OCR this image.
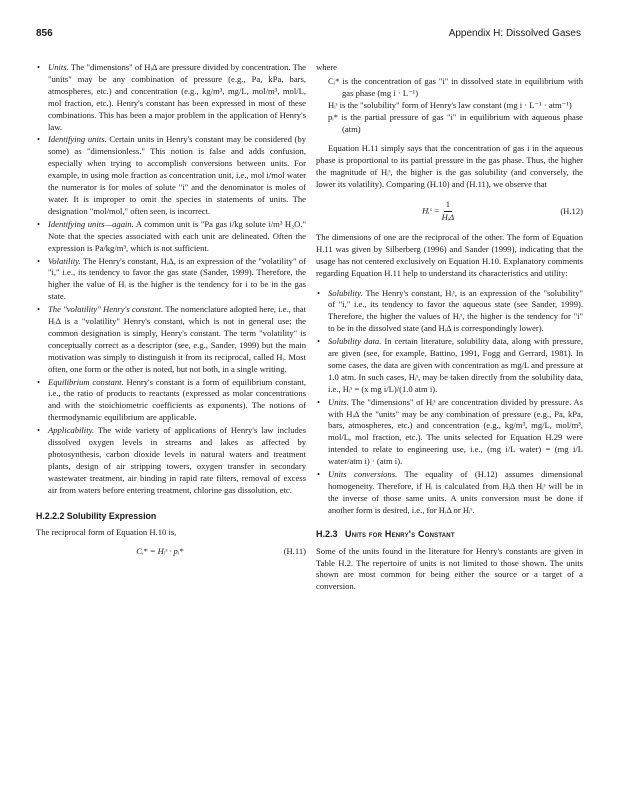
856	Appendix H: Dissolved Gases
• Units. The "dimensions" of HᵢΔ are pressure divided by concentration. The "units" may be any combination of pressure (e.g., Pa, kPa, bars, atmospheres, etc.) and concentration (e.g., kg/m³, mg/L, mol/m³, mol/L, mol fraction, etc.). Henry's constant has been expressed in most of these combinations. This has been a major problem in the application of Henry's law.
• Identifying units. Certain units in Henry's constant may be considered (by some) as "dimensionless." This notion is false and adds confusion, especially when trying to accomplish conversions between units. For example, in using mole fraction as concentration unit, i.e., mol i/mol water the numerator is for moles of solute "i" and the denominator is moles of water. It is improper to omit the species in statements of units. The designation "mol/mol," often seen, is incorrect.
• Identifying units—again. A common unit is "Pa gas i/kg solute i/m³ H₂O." Note that the species associated with each unit are delineated. Often the expression is Pa/kg/m³, which is not sufficient.
• Volatility. The Henry's constant, HᵢΔ, is an expression of the "volatility" of "i," i.e., its tendency to favor the gas state (Sander, 1999). Therefore, the higher the value of Hᵢ is the higher is the tendency for i to be in the gas state.
• The "volatility" Henry's constant. The nomenclature adopted here, i.e., that HᵢΔ is a "volatility" Henry's constant, which is not in general use; the common designation is simply, Henry's constant. The term "volatility" is conceptually correct as a descriptor (see, e.g., Sander, 1999) but the main motivation was simply to distinguish it from its reciprocal, called Hᵢ. Most often, one form or the other is noted, but not both, in a single writing.
• Equilibrium constant. Henry's constant is a form of equilibrium constant, i.e., the ratio of products to reactants (expressed as molar concentrations and with the stoichiometric coefficients as exponents). The notions of thermodynamic equilibrium are applicable.
• Applicability. The wide variety of applications of Henry's law includes dissolved oxygen levels in streams and lakes as affected by photosynthesis, carbon dioxide levels in natural waters and treatment plants, design of air stripping towers, oxygen transfer in secondary wastewater treatment, air binding in rapid rate filters, removal of excess air from waters before entering treatment, chlorine gas dissolution, etc.
H.2.2.2 Solubility Expression

The reciprocal form of Equation H.10 is,

Cᵢ* = Hᵢˢ · pᵢ*	(H.11)

where

Cᵢ* is the concentration of gas "i" in dissolved state in equilibrium with gas phase (mg i · L⁻¹)

Hᵢˢ is the "solubility" form of Henry's law constant (mg i · L⁻¹ · atm⁻¹)

pᵢ* is the partial pressure of gas "i" in equilibrium with aqueous phase (atm)

Equation H.11 simply says that the concentration of gas i in the aqueous phase is proportional to its partial pressure in the gas phase. Thus, the higher the magnitude of Hᵢˢ, the higher is the gas solubility (and conversely, the lower its volatility). Comparing (H.10) and (H.11), we observe that

Hᵢˢ = $\frac{1}{\text{HᵢΔ}}$	(H.12)

The dimensions of one are the reciprocal of the other. The form of Equation H.11 was given by Silberberg (1996) and Sander (1999), indicating that the usage has not centered exclusively on Equation H.10. Explanatory comments regarding Equation H.11 help to understand its characteristics and utility:

• Solubility. The Henry's constant, Hᵢˢ, is an expression of the "solubility" of "i," i.e., its tendency to favor the aqueous state (see Sander, 1999). Therefore, the higher the values of Hᵢˢ, the higher is the tendency for "i" to be in the dissolved state (and HᵢΔ is correspondingly lower).
• Solubility data. In certain literature, solubility data, along with pressure, are given (see, for example, Battino, 1991, Fogg and Gerrard, 1981). In some cases, the data are given with concentration as mg/L and pressure at 1.0 atm. In such cases, Hᵢˢ, may be taken directly from the solubility data, i.e., Hᵢˢ = (x mg i/L)/(1.0 atm i).
• Units. The "dimensions" of Hᵢˢ are concentration divided by pressure. As with HᵢΔ the "units" may be any combination of pressure (e.g., Pa, kPa, bars, atmospheres, etc.) and concentration (e.g., kg/m³, mg/L, mol/m³, mol/L, mol fraction, etc.). The units selected for Equation H.29 were intended to relate to engineering use, i.e., (mg i/L water) = (mg i/L water/atm i) · (atm i).
• Units conversions. The equality of (H.12) assumes dimensional homogeneity. Therefore, if Hᵢ is calculated from HᵢΔ then Hᵢˢ will be in the inverse of those same units. A units conversion must be done if another form is desired, i.e., for HᵢΔ or Hᵢˢ.
H.2.3 Units for Henry's Constant

Some of the units found in the literature for Henry's constants are given in Table H.2. The repertoire of units is not limited to those shown. The units shown are most common for being either the source or a target of a conversion.
